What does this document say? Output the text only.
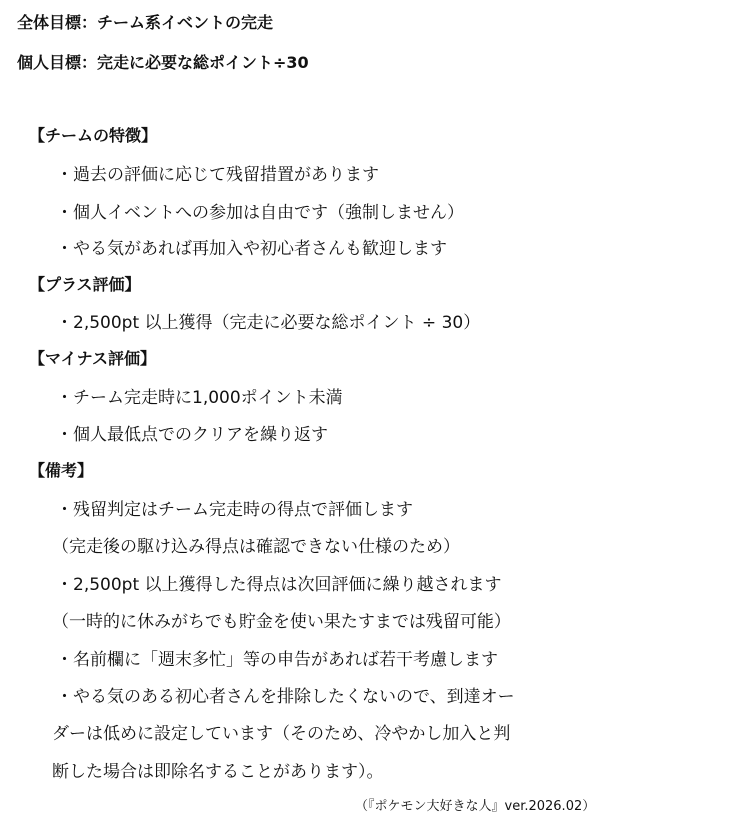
全体目標：チーム系イベントの完走
個人目標：完走に必要な総ポイント÷30
【チームの特徴】
・過去の評価に応じて残留措置があります
・個人イベントへの参加は自由です（強制しません）
・やる気があれば再加入や初心者さんも歓迎します
【プラス評価】
・2,500pt 以上獲得（完走に必要な総ポイント ÷ 30）
【マイナス評価】
・チーム完走時に1,000ポイント未満
・個人最低点でのクリアを繰り返す
【備考】
・残留判定はチーム完走時の得点で評価します
（完走後の駆け込み得点は確認できない仕様のため）
・2,500pt 以上獲得した得点は次回評価に繰り越されます
（一時的に休みがちでも貯金を使い果たすまでは残留可能）
・名前欄に「週末多忙」等の申告があれば若干考慮します
・やる気のある初心者さんを排除したくないので、到達オー
ダーは低めに設定しています（そのため、冷やかし加入と判
断した場合は即除名することがあります）。
（『ポケモン大好きな人』ver.2026.02）
